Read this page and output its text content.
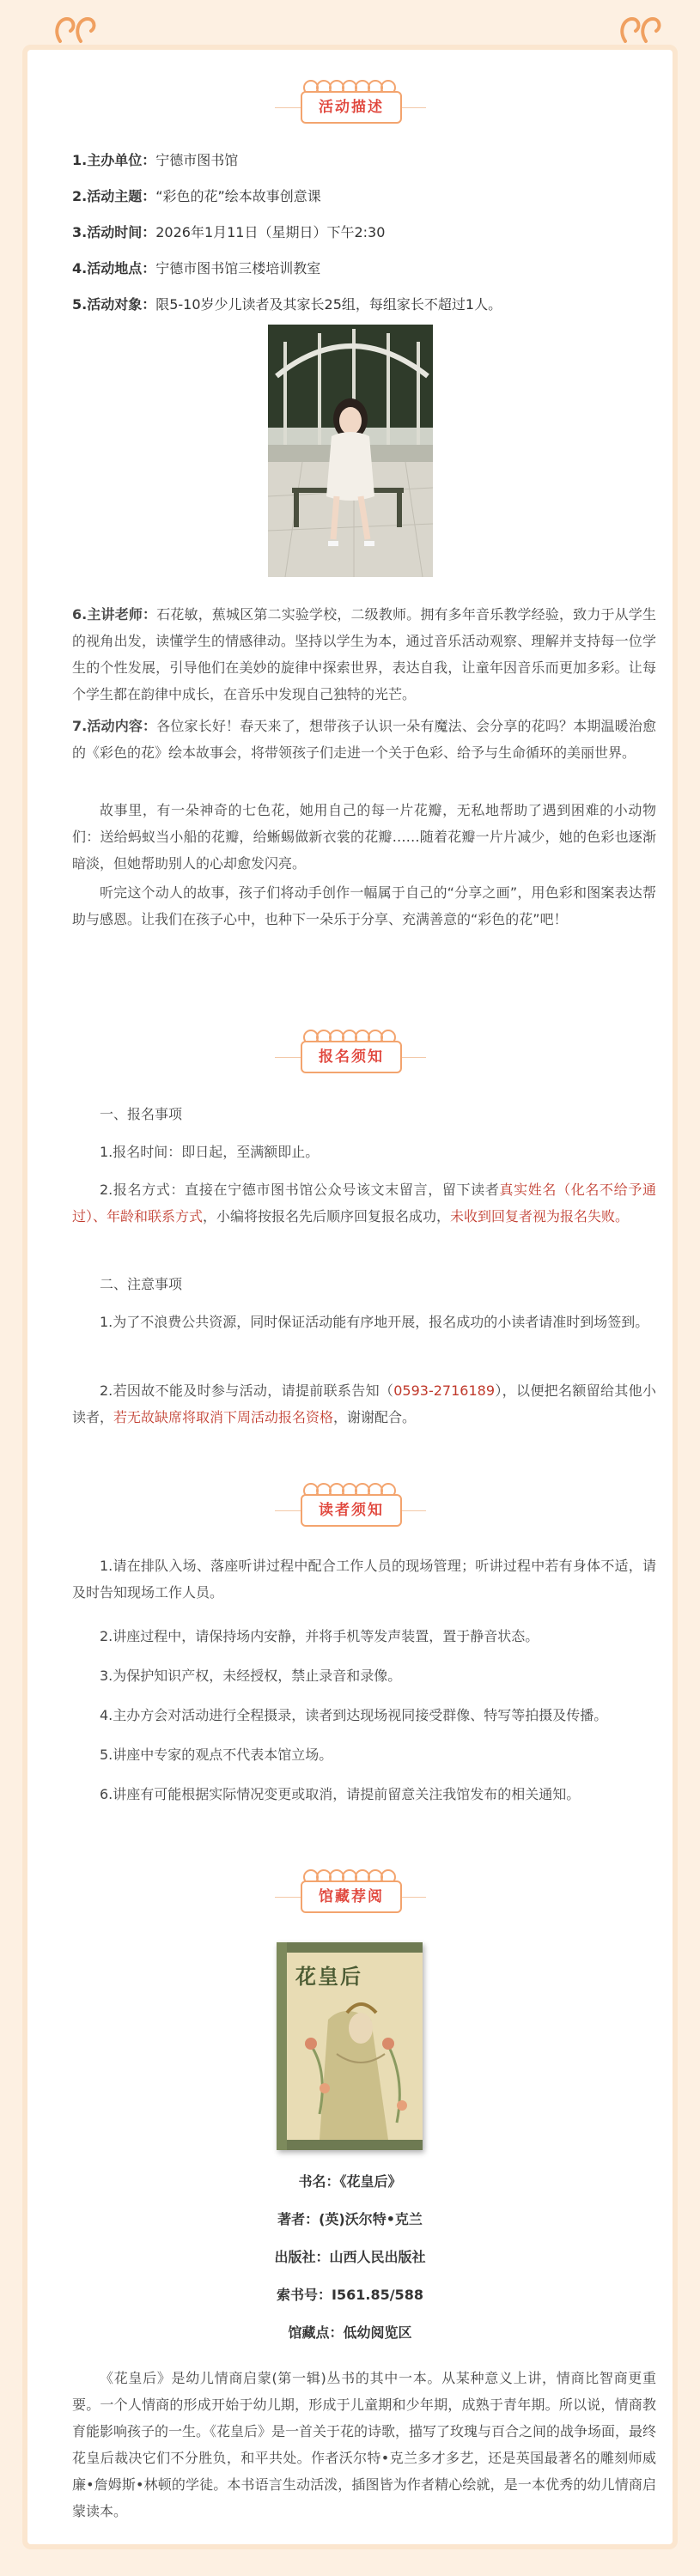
活动描述
1.主办单位：宁德市图书馆
2.活动主题：“彩色的花”绘本故事创意课
3.活动时间：2026年1月11日（星期日）下午2:30
4.活动地点：宁德市图书馆三楼培训教室
5.活动对象：限5-10岁少儿读者及其家长25组，每组家长不超过1人。
6.主讲老师：石花敏，蕉城区第二实验学校，二级教师。拥有多年音乐教学经验，致力于从学生的视角出发，读懂学生的情感律动。坚持以学生为本，通过音乐活动观察、理解并支持每一位学生的个性发展，引导他们在美妙的旋律中探索世界，表达自我，让童年因音乐而更加多彩。让每个学生都在韵律中成长，在音乐中发现自己独特的光芒。
7.活动内容：各位家长好！春天来了，想带孩子认识一朵有魔法、会分享的花吗？本期温暖治愈的《彩色的花》绘本故事会，将带领孩子们走进一个关于色彩、给予与生命循环的美丽世界。
故事里，有一朵神奇的七色花，她用自己的每一片花瓣，无私地帮助了遇到困难的小动物们：送给蚂蚁当小船的花瓣，给蜥蜴做新衣裳的花瓣……随着花瓣一片片减少，她的色彩也逐渐暗淡，但她帮助别人的心却愈发闪亮。
听完这个动人的故事，孩子们将动手创作一幅属于自己的“分享之画”，用色彩和图案表达帮助与感恩。让我们在孩子心中，也种下一朵乐于分享、充满善意的“彩色的花”吧！
报名须知
一、报名事项
1.报名时间：即日起，至满额即止。
2.报名方式：直接在宁德市图书馆公众号该文末留言，留下读者真实姓名（化名不给予通过）、年龄和联系方式，小编将按报名先后顺序回复报名成功，未收到回复者视为报名失败。
二、注意事项
1.为了不浪费公共资源，同时保证活动能有序地开展，报名成功的小读者请准时到场签到。
2.若因故不能及时参与活动，请提前联系告知（0593-2716189），以便把名额留给其他小读者，若无故缺席将取消下周活动报名资格，谢谢配合。
读者须知
1.请在排队入场、落座听讲过程中配合工作人员的现场管理；听讲过程中若有身体不适，请及时告知现场工作人员。
2.讲座过程中，请保持场内安静，并将手机等发声装置，置于静音状态。
3.为保护知识产权，未经授权，禁止录音和录像。
4.主办方会对活动进行全程摄录，读者到达现场视同接受群像、特写等拍摄及传播。
5.讲座中专家的观点不代表本馆立场。
6.讲座有可能根据实际情况变更或取消，请提前留意关注我馆发布的相关通知。
馆藏荐阅
花皇后
书名：《花皇后》
著者：(英)沃尔特•克兰
出版社：山西人民出版社
索书号：I561.85/588
馆藏点：低幼阅览区
《花皇后》是幼儿情商启蒙(第一辑)丛书的其中一本。从某种意义上讲，情商比智商更重要。一个人情商的形成开始于幼儿期，形成于儿童期和少年期，成熟于青年期。所以说，情商教育能影响孩子的一生。《花皇后》是一首关于花的诗歌，描写了玫瑰与百合之间的战争场面，最终花皇后裁决它们不分胜负，和平共处。作者沃尔特•克兰多才多艺，还是英国最著名的雕刻师威廉•詹姆斯•林顿的学徒。本书语言生动活泼，插图皆为作者精心绘就，是一本优秀的幼儿情商启蒙读本。
